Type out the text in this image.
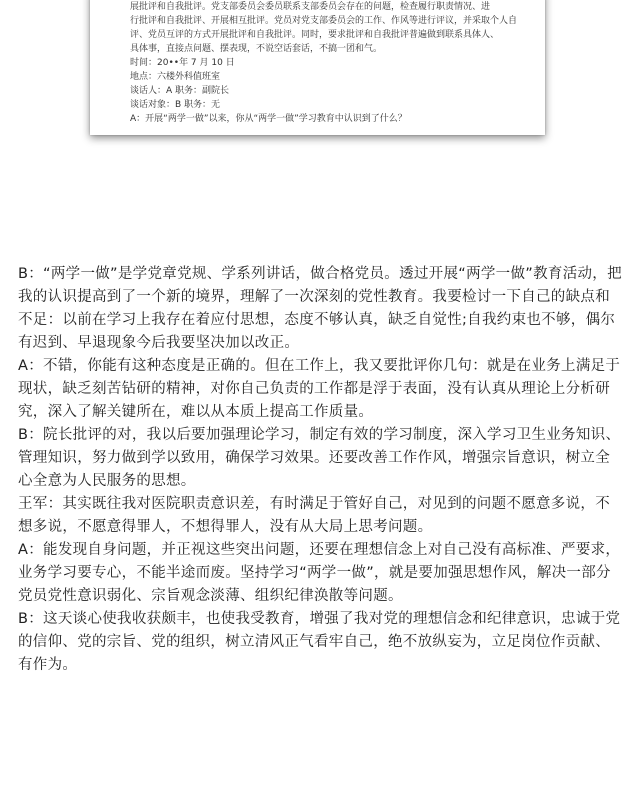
展批评和自我批评。党支部委员会委员联系支部委员会存在的问题，检查履行职责情况、进
行批评和自我批评、开展相互批评。党员对党支部委员会的工作、作风等进行评议，并采取个人自
评、党员互评的方式开展批评和自我批评。同时，要求批评和自我批评普遍做到联系具体人、
具体事，直接点问题、摆表现，不说空话套话，不搞一团和气。
时间：20••年 7 月 10 日
地点：六楼外科值班室
谈话人：A 职务：副院长
谈话对象：B 职务：无
A：开展“两学一做”以来，你从“两学一做”学习教育中认识到了什么？
B：“两学一做”是学党章党规、学系列讲话，做合格党员。透过开展“两学一做”教育活动，把我的认识提高到了一个新的境界，理解了一次深刻的党性教育。我要检讨一下自己的缺点和不足：以前在学习上我存在着应付思想，态度不够认真，缺乏自觉性;自我约束也不够，偶尔有迟到、早退现象今后我要坚决加以改正。
A：不错，你能有这种态度是正确的。但在工作上，我又要批评你几句：就是在业务上满足于现状，缺乏刻苦钻研的精神，对你自己负责的工作都是浮于表面，没有认真从理论上分析研究，深入了解关键所在，难以从本质上提高工作质量。
B：院长批评的对，我以后要加强理论学习，制定有效的学习制度，深入学习卫生业务知识、管理知识，努力做到学以致用，确保学习效果。还要改善工作作风，增强宗旨意识，树立全心全意为人民服务的思想。
王军：其实既往我对医院职责意识差，有时满足于管好自己，对见到的问题不愿意多说，不想多说，不愿意得罪人，不想得罪人，没有从大局上思考问题。
A：能发现自身问题，并正视这些突出问题，还要在理想信念上对自己没有高标准、严要求，业务学习要专心，不能半途而废。坚持学习“两学一做”，就是要加强思想作风，解决一部分党员党性意识弱化、宗旨观念淡薄、组织纪律涣散等问题。
B：这天谈心使我收获颇丰，也使我受教育，增强了我对党的理想信念和纪律意识，忠诚于党的信仰、党的宗旨、党的组织，树立清风正气看牢自己，绝不放纵妄为，立足岗位作贡献、有作为。
